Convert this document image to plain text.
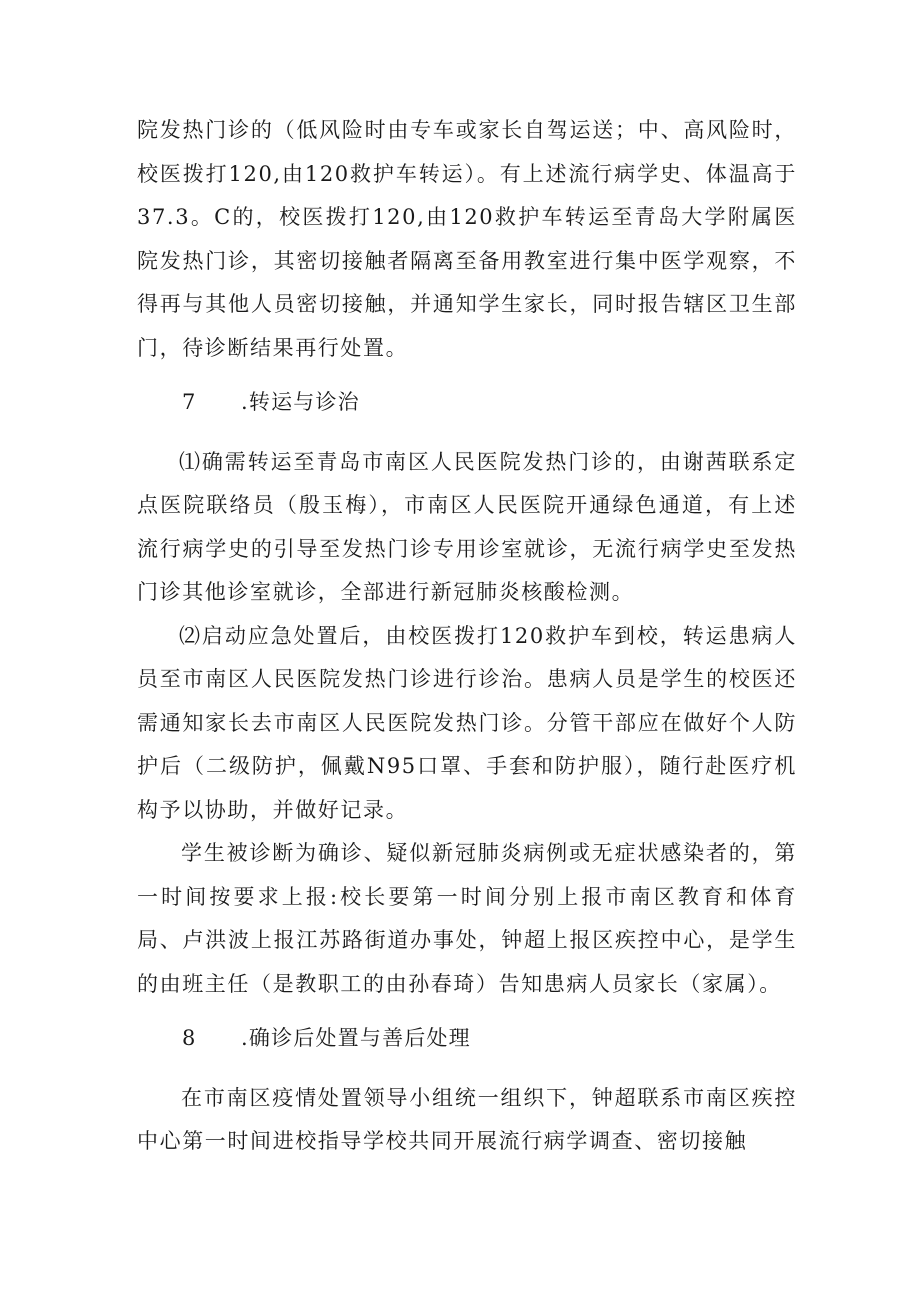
院发热门诊的（低风险时由专车或家长自驾运送；中、高风险时，校医拨打120,由120救护车转运）。有上述流行病学史、体温高于37.3。C的，校医拨打120,由120救护车转运至青岛大学附属医院发热门诊，其密切接触者隔离至备用教室进行集中医学观察，不得再与其他人员密切接触，并通知学生家长，同时报告辖区卫生部门，待诊断结果再行处置。

7 .转运与诊治

⑴确需转运至青岛市南区人民医院发热门诊的，由谢茜联系定点医院联络员（殷玉梅），市南区人民医院开通绿色通道，有上述流行病学史的引导至发热门诊专用诊室就诊，无流行病学史至发热门诊其他诊室就诊，全部进行新冠肺炎核酸检测。

⑵启动应急处置后，由校医拨打120救护车到校，转运患病人员至市南区人民医院发热门诊进行诊治。患病人员是学生的校医还需通知家长去市南区人民医院发热门诊。分管干部应在做好个人防护后（二级防护，佩戴N95口罩、手套和防护服），随行赴医疗机构予以协助，并做好记录。

学生被诊断为确诊、疑似新冠肺炎病例或无症状感染者的，第一时间按要求上报:校长要第一时间分别上报市南区教育和体育局、卢洪波上报江苏路街道办事处，钟超上报区疾控中心，是学生的由班主任（是教职工的由孙春琦）告知患病人员家长（家属）。

8 .确诊后处置与善后处理

在市南区疫情处置领导小组统一组织下，钟超联系市南区疾控中心第一时间进校指导学校共同开展流行病学调查、密切接触
